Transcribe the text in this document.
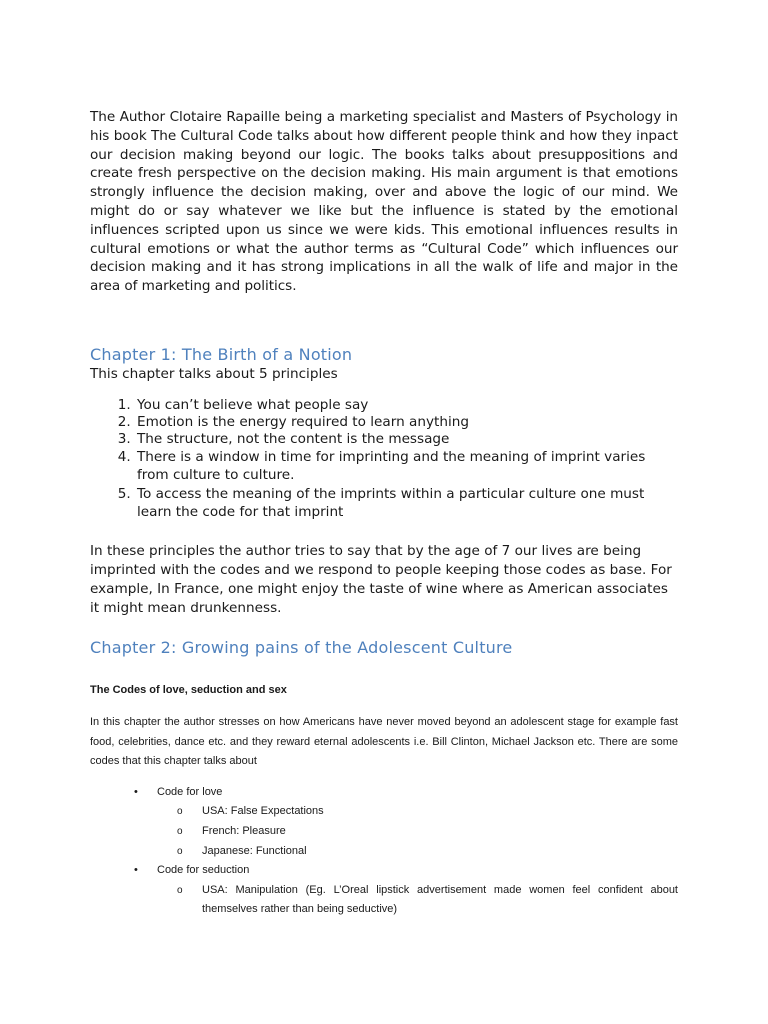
The Author Clotaire Rapaille being a marketing specialist and Masters of Psychology in his book The Cultural Code talks about how different people think and how they inpact our decision making beyond our logic. The books talks about presuppositions and create fresh perspective on the decision making. His main argument is that emotions strongly influence the decision making, over and above the logic of our mind. We might do or say whatever we like but the influence is stated by the emotional influences scripted upon us since we were kids. This emotional influences results in cultural emotions or what the author terms as “Cultural Code” which influences our decision making and it has strong implications in all the walk of life and major in the area of marketing and politics.

Chapter 1: The Birth of a Notion

This chapter talks about 5 principles

1. You can’t believe what people say
2. Emotion is the energy required to learn anything
3. The structure, not the content is the message
4. There is a window in time for imprinting and the meaning of imprint varies from culture to culture.
5. To access the meaning of the imprints within a particular culture one must learn the code for that imprint

In these principles the author tries to say that by the age of 7 our lives are being imprinted with the codes and we respond to people keeping those codes as base. For example, In France, one might enjoy the taste of wine where as American associates it might mean drunkenness.

Chapter 2: Growing pains of the Adolescent Culture

The Codes of love, seduction and sex

In this chapter the author stresses on how Americans have never moved beyond an adolescent stage for example fast food, celebrities, dance etc. and they reward eternal adolescents i.e. Bill Clinton, Michael Jackson etc. There are some codes that this chapter talks about

• Code for love
o USA: False Expectations
o French: Pleasure
o Japanese: Functional
• Code for seduction
o USA: Manipulation (Eg. L’Oreal lipstick advertisement made women feel confident about themselves rather than being seductive)
